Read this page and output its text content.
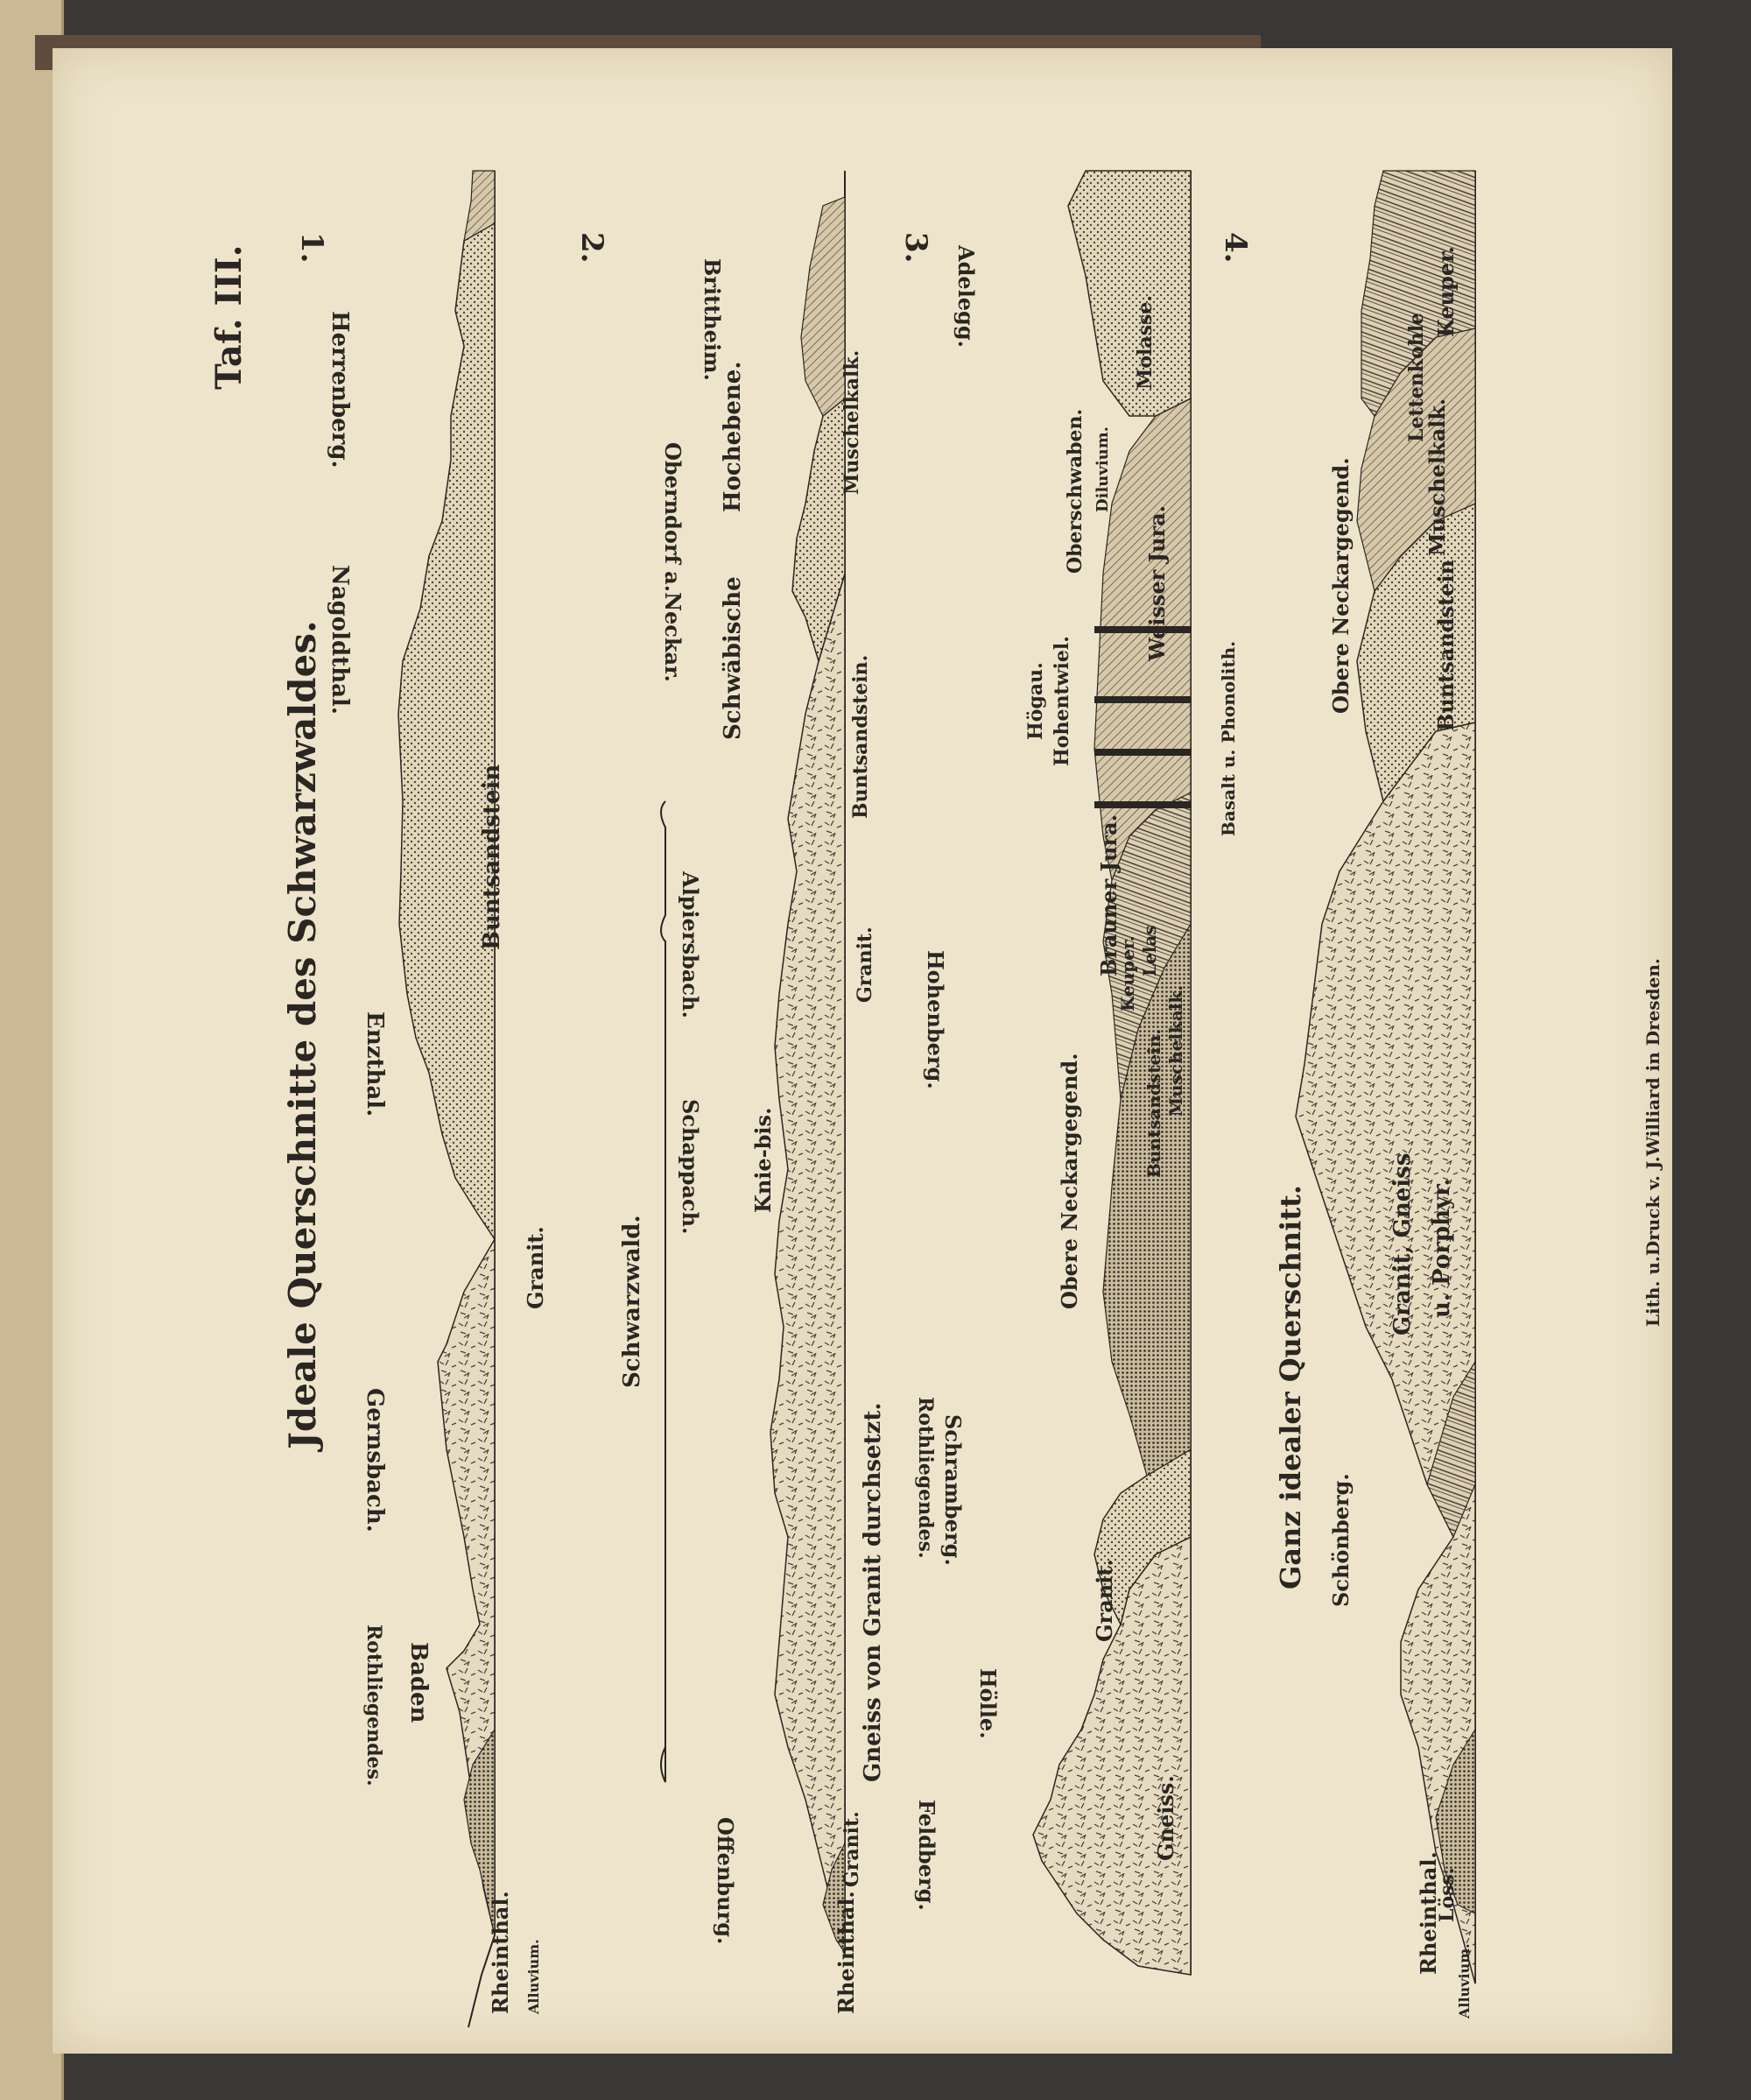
Taf. III.
Jdeale Querschnitte des Schwarzwaldes.	Lith. u.Druck v. J.Williard in Dresden.
1.
Rheinthal. Alluvium.
Rothliegendes. Baden
Gernsbach.
Granit.
Enzthal.
Buntsandstein
Nagoldthal.
Herrenberg.
2.
Schwarzwald.
Rheinthal.
Offenburg.	Granit.
Gneiss von Granit durchsetzt.
Knie-bis.
Schappach.
Granit.
Alpiersbach.
Buntsandstein.
Schwäbische
Hochebene.
Oberndorf a.Neckar.
Muschelkalk.
Brittheim.
3.
Feldberg.	Gneiss.
Hölle.
Granit.
Schramberg.
Rothliegendes.
Obere Neckargegend.	Buntsandstein. Muschelkalk.
Keuper. Lelas
Hohenberg.
Brauner Jura.
Basalt u. Phonolith.
Högau. Hohentwiel.
Weisser Jura.
Oberschwaben. Diluvium.
Molasse.
Adelegg.	4.
Ganz idealer Querschnitt.
Rheinthal.
Alluvium.
Löss.
Schönberg.
Granit, Gneiss u. Porphyr.
Buntsandstein
Obere Neckargegend.	Muschelkalk.
Lettenkohle
Keuper.
